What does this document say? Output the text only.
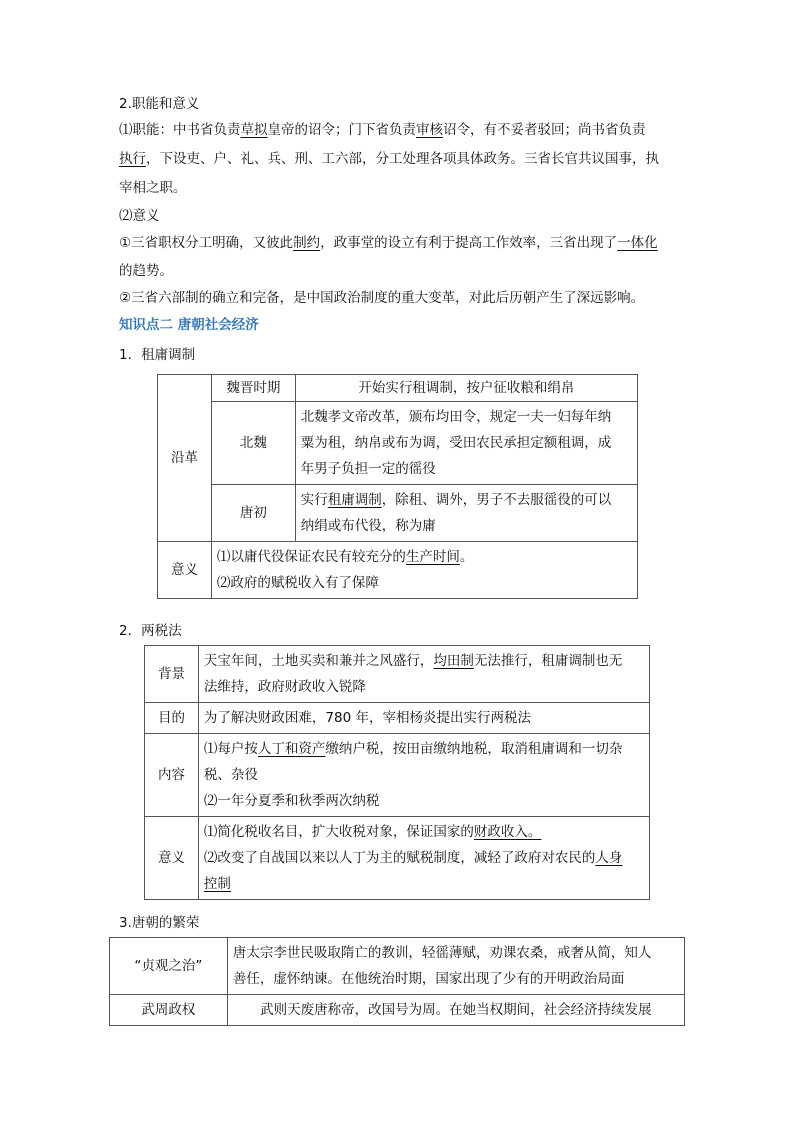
2.职能和意义
⑴职能：中书省负责草拟皇帝的诏令；门下省负责审核诏令，有不妥者驳回；尚书省负责
执行，下设吏、户、礼、兵、刑、工六部，分工处理各项具体政务。三省长官共议国事，执
宰相之职。
⑵意义
①三省职权分工明确，又彼此制约，政事堂的设立有利于提高工作效率，三省出现了一体化
的趋势。
②三省六部制的确立和完备，是中国政治制度的重大变革，对此后历朝产生了深远影响。
知识点二 唐朝社会经济
1．租庸调制
沿革	魏晋时期	开始实行租调制，按户征收粮和绢帛
	北魏	北魏孝文帝改革，颁布均田令，规定一夫一妇每年纳
粟为租，纳帛或布为调，受田农民承担定额租调，成
年男子负担一定的徭役

	唐初	实行租庸调制，除租、调外，男子不去服徭役的可以
纳绢或布代役，称为庸

意义	⑴以庸代役保证农民有较充分的生产时间。
⑵政府的赋税收入有了保障	
2．两税法
背景	天宝年间，土地买卖和兼并之风盛行，均田制无法推行，租庸调制也无
法维持，政府财政收入锐降

目的	为了解决财政困难，780 年，宰相杨炎提出实行两税法
内容	⑴每户按人丁和资产缴纳户税，按田亩缴纳地税，取消租庸调和一切杂
税、杂役
⑵一年分夏季和秋季两次纳税

意义	⑴简化税收名目，扩大收税对象，保证国家的财政收入。
⑵改变了自战国以来以人丁为主的赋税制度，减轻了政府对农民的人身
控制
3.唐朝的繁荣
“贞观之治”	唐太宗李世民吸取隋亡的教训，轻徭薄赋，劝课农桑，戒奢从简，知人
善任，虚怀纳谏。在他统治时期，国家出现了少有的开明政治局面

武周政权	武则天废唐称帝，改国号为周。在她当权期间，社会经济持续发展
